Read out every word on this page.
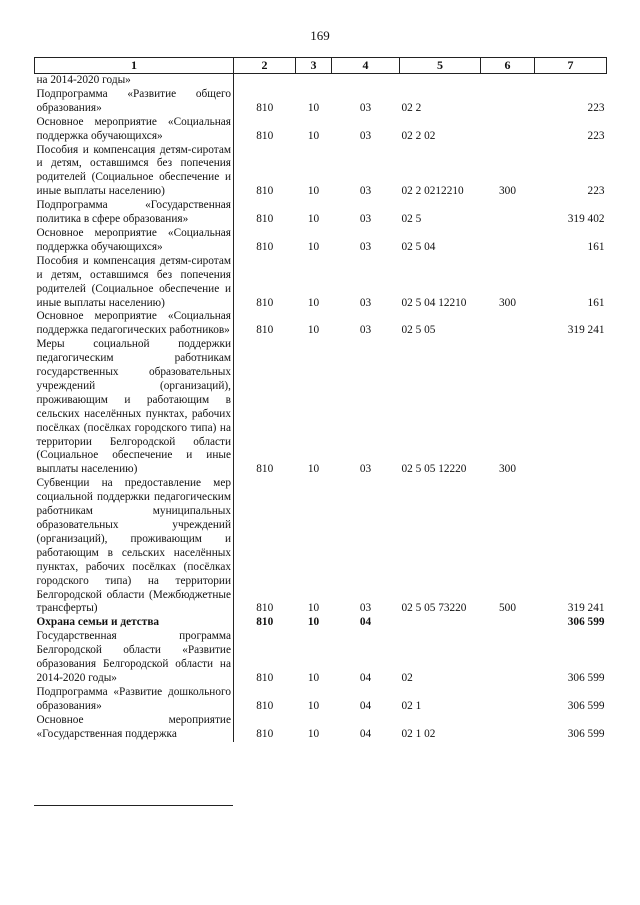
169
1	2	3	4	5	6	7
на 2014-2020 годы»						
Подпрограмма «Развитие общего образования»	810	10	03	02 2		223
Основное мероприятие «Социальная поддержка обучающихся»	810	10	03	02 2 02		223
Пособия и компенсация детям-сиротам и детям, оставшимся без попечения родителей (Социальное обеспечение и иные выплаты населению)	810	10	03	02 2 0212210	300	223
Подпрограмма «Государственная политика в сфере образования»	810	10	03	02 5		319 402
Основное мероприятие «Социальная поддержка обучающихся»	810	10	03	02 5 04		161
Пособия и компенсация детям-сиротам и детям, оставшимся без попечения родителей (Социальное обеспечение и иные выплаты населению)	810	10	03	02 5 04 12210	300	161
Основное мероприятие «Социальная поддержка педагогических работников»	810	10	03	02 5 05		319 241
Меры социальной поддержки педагогическим работникам государственных образовательных учреждений (организаций), проживающим и работающим в сельских населённых пунктах, рабочих посёлках (посёлках городского типа) на территории Белгородской области (Социальное обеспечение и иные выплаты населению)	810	10	03	02 5 05 12220	300	
Субвенции на предоставление мер социальной поддержки педагогическим работникам муниципальных образовательных учреждений (организаций), проживающим и работающим в сельских населённых пунктах, рабочих посёлках (посёлках городского типа) на территории Белгородской области (Межбюджетные трансферты)	810	10	03	02 5 05 73220	500	319 241
Охрана семьи и детства	810	10	04			306 599
Государственная программа Белгородской области «Развитие образования Белгородской области на 2014-2020 годы»	810	10	04	02		306 599
Подпрограмма «Развитие дошкольного образования»	810	10	04	02 1		306 599
Основное мероприятие «Государственная поддержка	810	10	04	02 1 02		306 599
